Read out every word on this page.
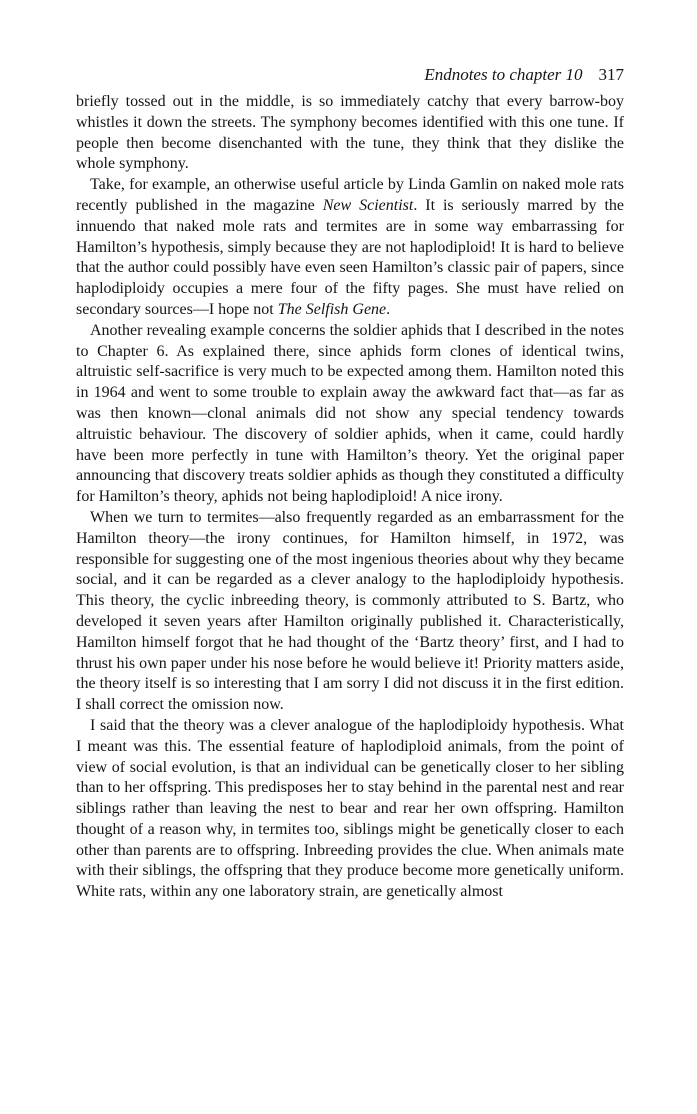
Endnotes to chapter 10 317

briefly tossed out in the middle, is so immediately catchy that every barrow-boy whistles it down the streets. The symphony becomes identified with this one tune. If people then become disenchanted with the tune, they think that they dislike the whole symphony.

Take, for example, an otherwise useful article by Linda Gamlin on naked mole rats recently published in the magazine New Scientist. It is seriously marred by the innuendo that naked mole rats and termites are in some way embarrassing for Hamilton’s hypothesis, simply because they are not haplodiploid! It is hard to believe that the author could possibly have even seen Hamilton’s classic pair of papers, since haplodiploidy occupies a mere four of the fifty pages. She must have relied on secondary sources—I hope not The Selfish Gene.

Another revealing example concerns the soldier aphids that I described in the notes to Chapter 6. As explained there, since aphids form clones of identical twins, altruistic self-sacrifice is very much to be expected among them. Hamilton noted this in 1964 and went to some trouble to explain away the awkward fact that—as far as was then known—clonal animals did not show any special tendency towards altruistic behaviour. The discovery of soldier aphids, when it came, could hardly have been more perfectly in tune with Hamilton’s theory. Yet the original paper announcing that discovery treats soldier aphids as though they constituted a difficulty for Hamilton’s theory, aphids not being haplodiploid! A nice irony.

When we turn to termites—also frequently regarded as an embarrassment for the Hamilton theory—the irony continues, for Hamilton himself, in 1972, was responsible for suggesting one of the most ingenious theories about why they became social, and it can be regarded as a clever analogy to the haplodiploidy hypothesis. This theory, the cyclic inbreeding theory, is commonly attributed to S. Bartz, who developed it seven years after Hamilton originally published it. Characteristically, Hamilton himself forgot that he had thought of the ‘Bartz theory’ first, and I had to thrust his own paper under his nose before he would believe it! Priority matters aside, the theory itself is so interesting that I am sorry I did not discuss it in the first edition. I shall correct the omission now.

I said that the theory was a clever analogue of the haplodiploidy hypothesis. What I meant was this. The essential feature of haplodiploid animals, from the point of view of social evolution, is that an individual can be genetically closer to her sibling than to her offspring. This predisposes her to stay behind in the parental nest and rear siblings rather than leaving the nest to bear and rear her own offspring. Hamilton thought of a reason why, in termites too, siblings might be genetically closer to each other than parents are to offspring. Inbreeding provides the clue. When animals mate with their siblings, the offspring that they produce become more genetically uniform. White rats, within any one laboratory strain, are genetically almost
